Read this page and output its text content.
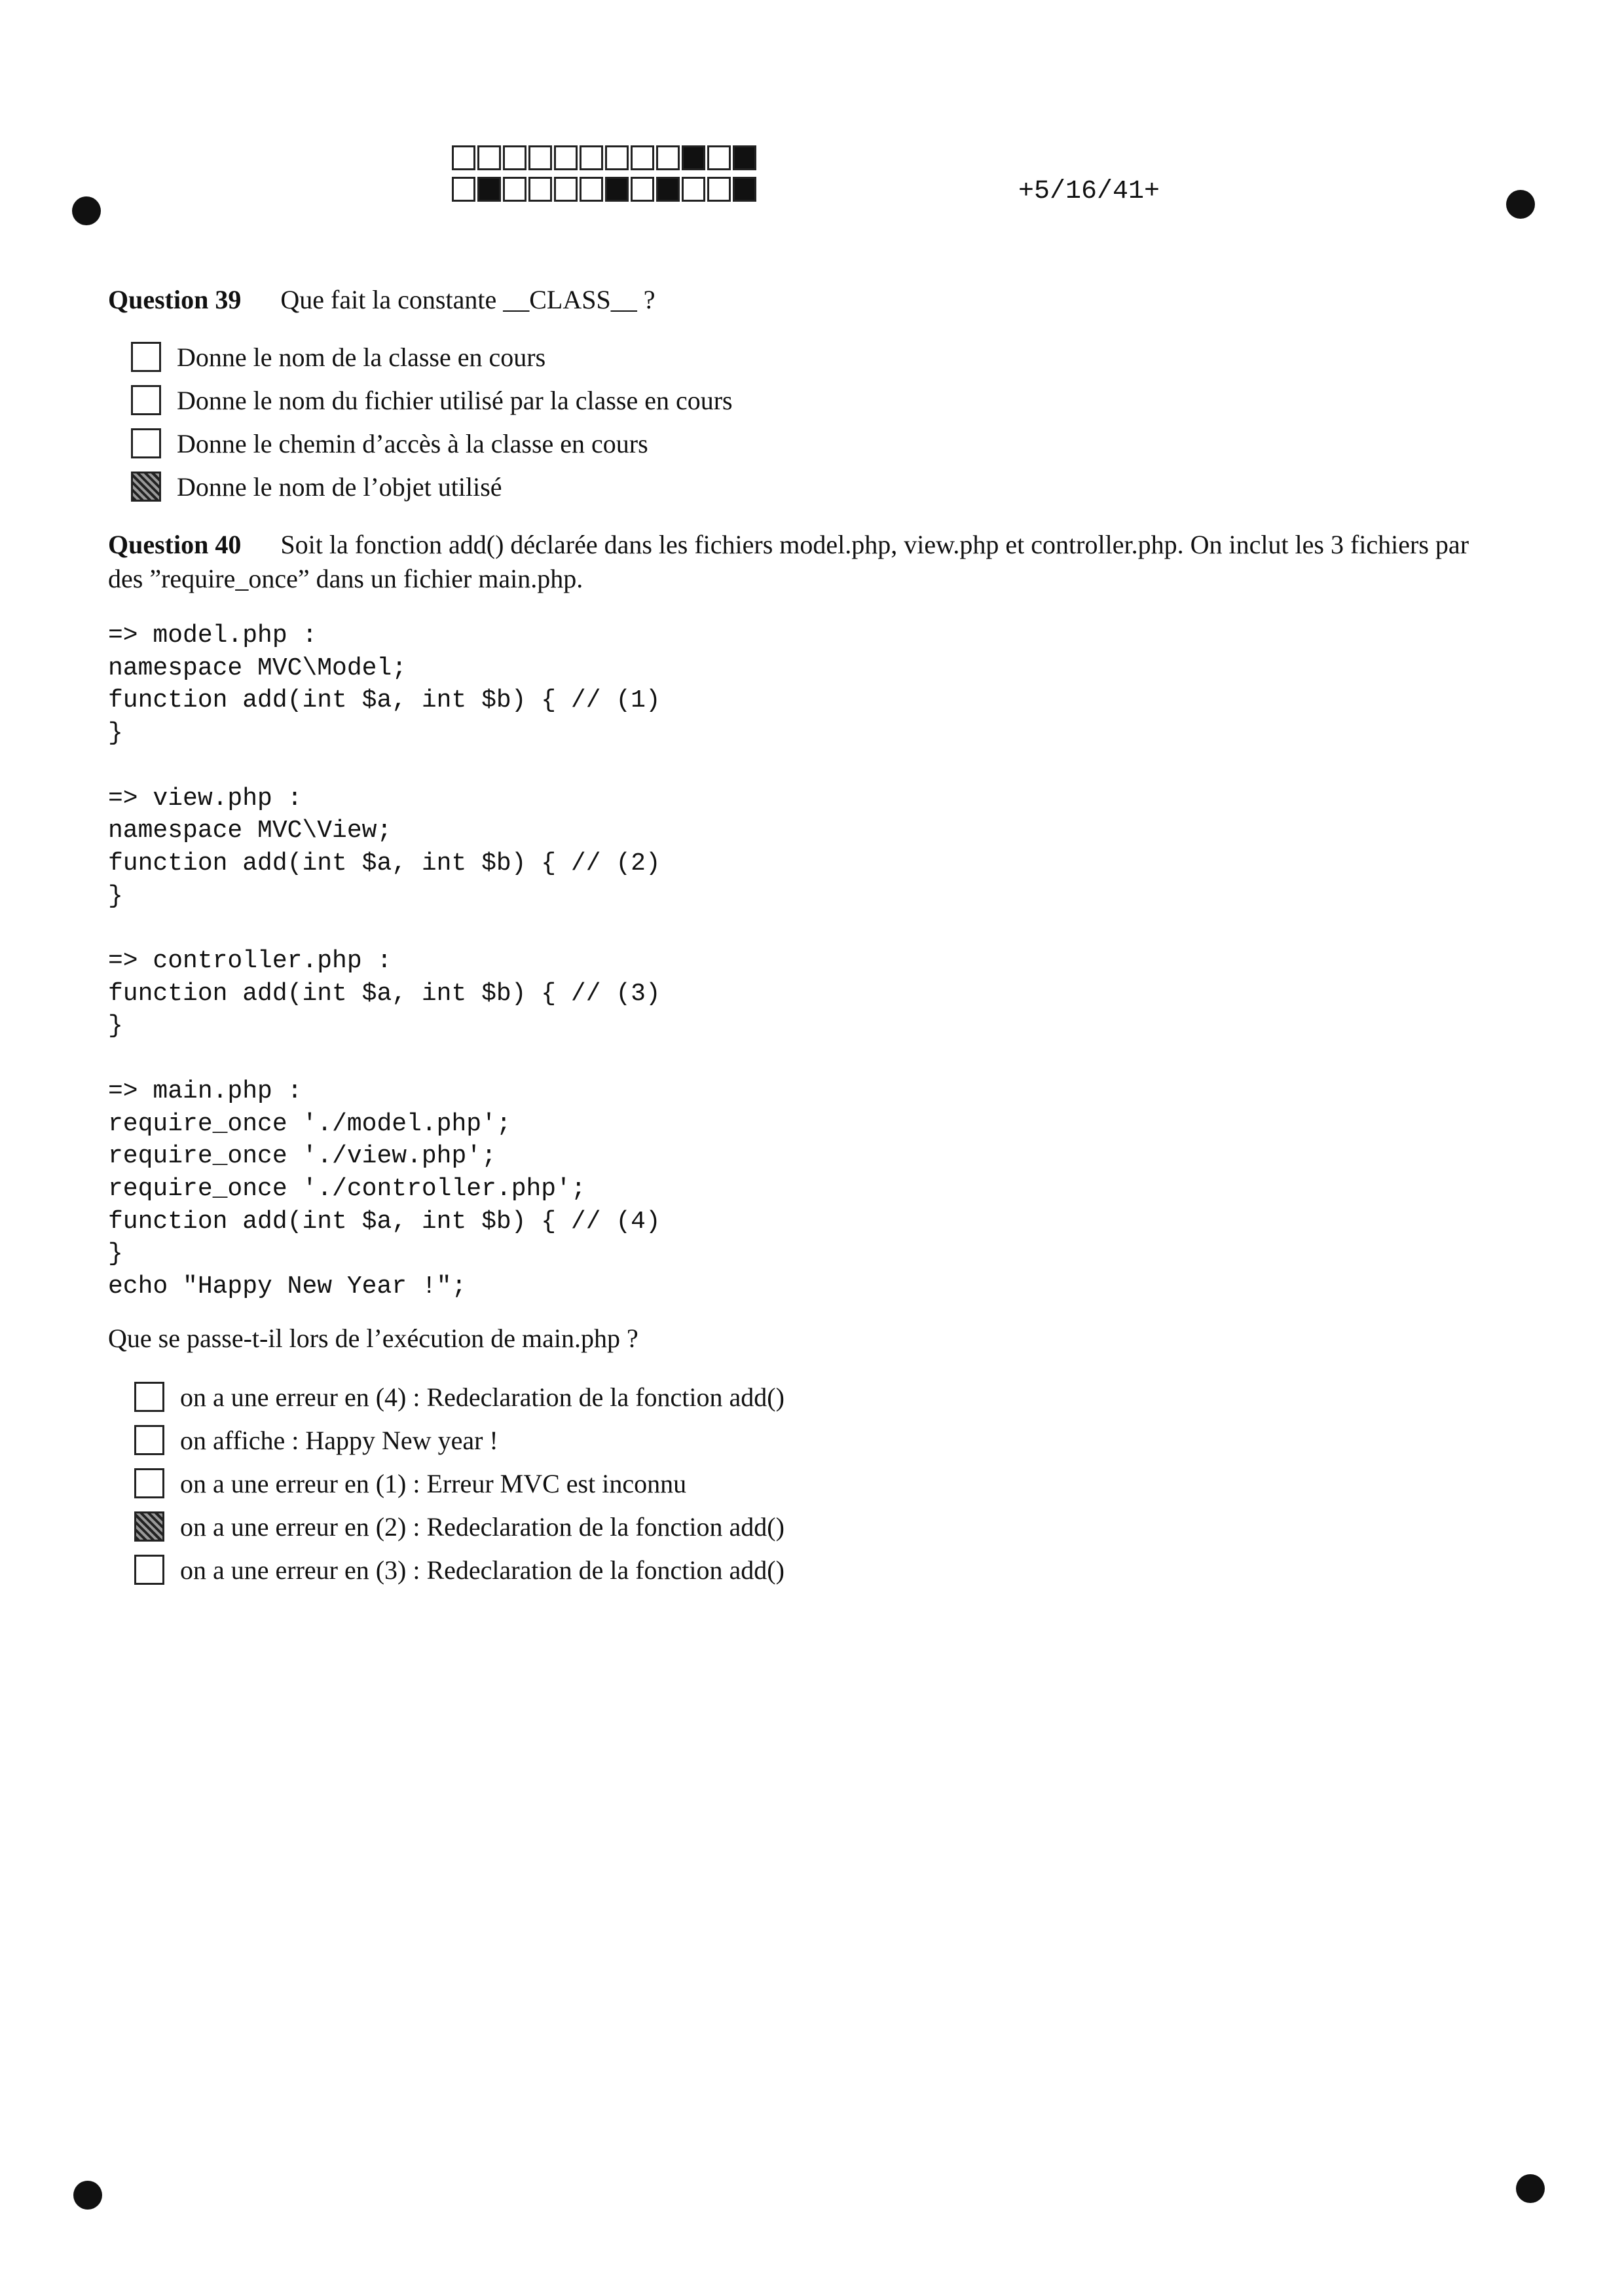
+5/16/41+
Question 39 Que fait la constante __CLASS__ ?
Donne le nom de la classe en cours
Donne le nom du fichier utilisé par la classe en cours
Donne le chemin d’accès à la classe en cours
Donne le nom de l’objet utilisé
Question 40 Soit la fonction add() déclarée dans les fichiers model.php, view.php et controller.php. On inclut les 3 fichiers par des ”require_once” dans un fichier main.php.
=> model.php :
namespace MVC\Model;
function add(int $a, int $b) { // (1)
}

=> view.php :
namespace MVC\View;
function add(int $a, int $b) { // (2)
}

=> controller.php :
function add(int $a, int $b) { // (3)
}

=> main.php :
require_once './model.php';
require_once './view.php';
require_once './controller.php';
function add(int $a, int $b) { // (4)
}
echo "Happy New Year !";
Que se passe-t-il lors de l’exécution de main.php ?
on a une erreur en (4) : Redeclaration de la fonction add()
on affiche : Happy New year !
on a une erreur en (1) : Erreur MVC est inconnu
on a une erreur en (2) : Redeclaration de la fonction add()
on a une erreur en (3) : Redeclaration de la fonction add()
